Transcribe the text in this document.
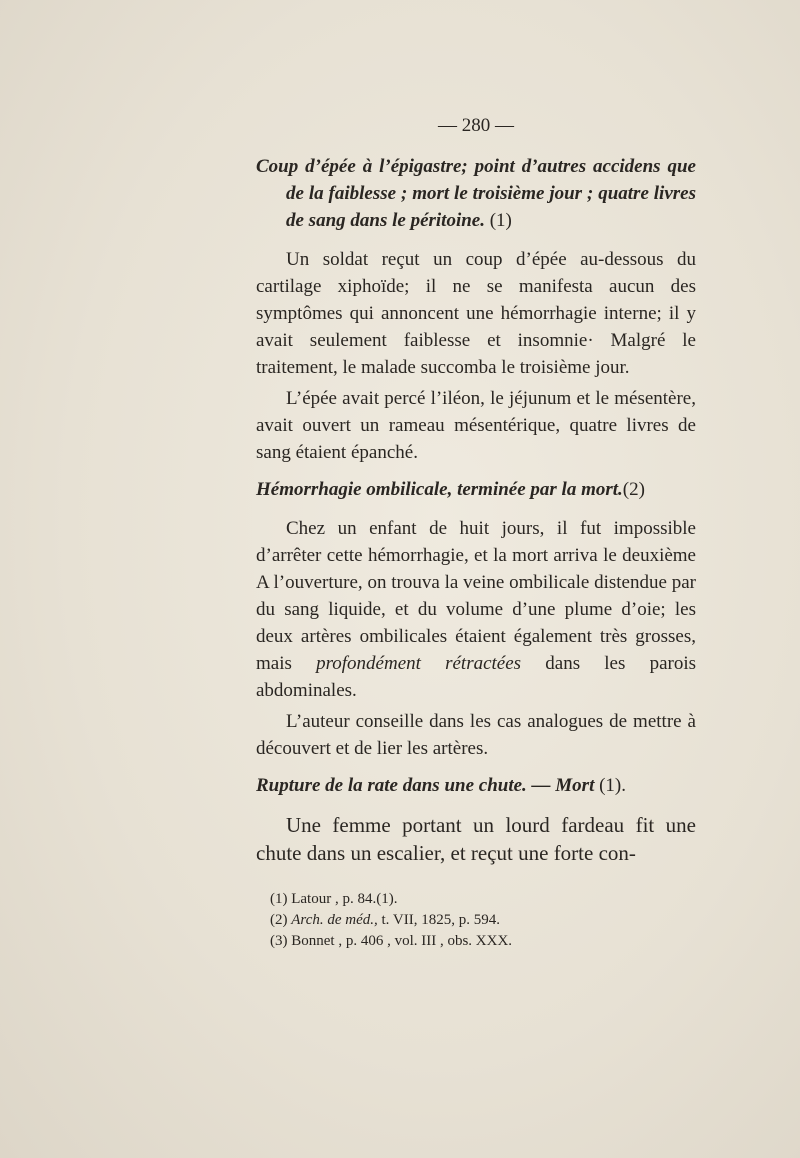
— 280 —

Coup d’épée à l’épigastre; point d’autres accidens que de la faiblesse ; mort le troisième jour ; quatre livres de sang dans le péritoine. (1)

Un soldat reçut un coup d’épée au-dessous du cartilage xiphoïde; il ne se manifesta aucun des symptômes qui annoncent une hémorrhagie interne; il y avait seulement faiblesse et insomnie· Malgré le traitement, le malade succomba le troisième jour.

L’épée avait percé l’iléon, le jéjunum et le mésentère, avait ouvert un rameau mésentérique, quatre livres de sang étaient épanché.

Hémorrhagie ombilicale, terminée par la mort.(2)

Chez un enfant de huit jours, il fut impossible d’arrêter cette hémorrhagie, et la mort arriva le deuxième A l’ouverture, on trouva la veine ombilicale distendue par du sang liquide, et du volume d’une plume d’oie; les deux artères ombilicales étaient également très grosses, mais profondément rétractées dans les parois abdominales.

L’auteur conseille dans les cas analogues de mettre à découvert et de lier les artères.

Rupture de la rate dans une chute. — Mort (1).

Une femme portant un lourd fardeau fit une chute dans un escalier, et reçut une forte con-

(1) Latour , p. 84.(1).
(2) Arch. de méd., t. VII, 1825, p. 594.
(3) Bonnet , p. 406 , vol. III , obs. XXX.
